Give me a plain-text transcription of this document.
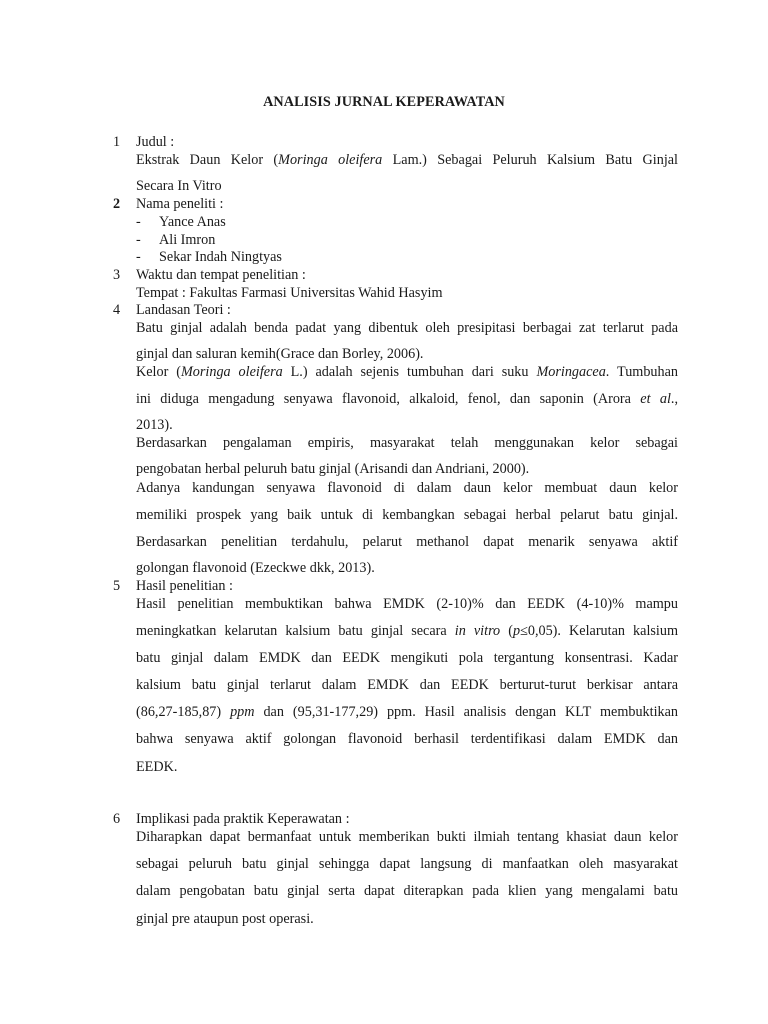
ANALISIS JURNAL KEPERAWATAN
1 Judul :
Ekstrak Daun Kelor (Moringa oleifera Lam.) Sebagai Peluruh Kalsium Batu Ginjal
Secara In Vitro
2 Nama peneliti :
- Yance Anas
- Ali Imron
- Sekar Indah Ningtyas
3 Waktu dan tempat penelitian :
Tempat : Fakultas Farmasi Universitas Wahid Hasyim
4 Landasan Teori :
Batu ginjal adalah benda padat yang dibentuk oleh presipitasi berbagai zat terlarut pada
ginjal dan saluran kemih(Grace dan Borley, 2006).
Kelor (Moringa oleifera L.) adalah sejenis tumbuhan dari suku Moringacea. Tumbuhan
ini diduga mengadung senyawa flavonoid, alkaloid, fenol, dan saponin (Arora et al.,
2013).
Berdasarkan pengalaman empiris, masyarakat telah menggunakan kelor sebagai
pengobatan herbal peluruh batu ginjal (Arisandi dan Andriani, 2000).
Adanya kandungan senyawa flavonoid di dalam daun kelor membuat daun kelor
memiliki prospek yang baik untuk di kembangkan sebagai herbal pelarut batu ginjal.
Berdasarkan penelitian terdahulu, pelarut methanol dapat menarik senyawa aktif
golongan flavonoid (Ezeckwe dkk, 2013).
5 Hasil penelitian :
Hasil penelitian membuktikan bahwa EMDK (2-10)% dan EEDK (4-10)% mampu
meningkatkan kelarutan kalsium batu ginjal secara in vitro (p≤0,05). Kelarutan kalsium
batu ginjal dalam EMDK dan EEDK mengikuti pola tergantung konsentrasi. Kadar
kalsium batu ginjal terlarut dalam EMDK dan EEDK berturut-turut berkisar antara
(86,27-185,87) ppm dan (95,31-177,29) ppm. Hasil analisis dengan KLT membuktikan
bahwa senyawa aktif golongan flavonoid berhasil terdentifikasi dalam EMDK dan
EEDK.
6 Implikasi pada praktik Keperawatan :
Diharapkan dapat bermanfaat untuk memberikan bukti ilmiah tentang khasiat daun kelor
sebagai peluruh batu ginjal sehingga dapat langsung di manfaatkan oleh masyarakat
dalam pengobatan batu ginjal serta dapat diterapkan pada klien yang mengalami batu
ginjal pre ataupun post operasi.
